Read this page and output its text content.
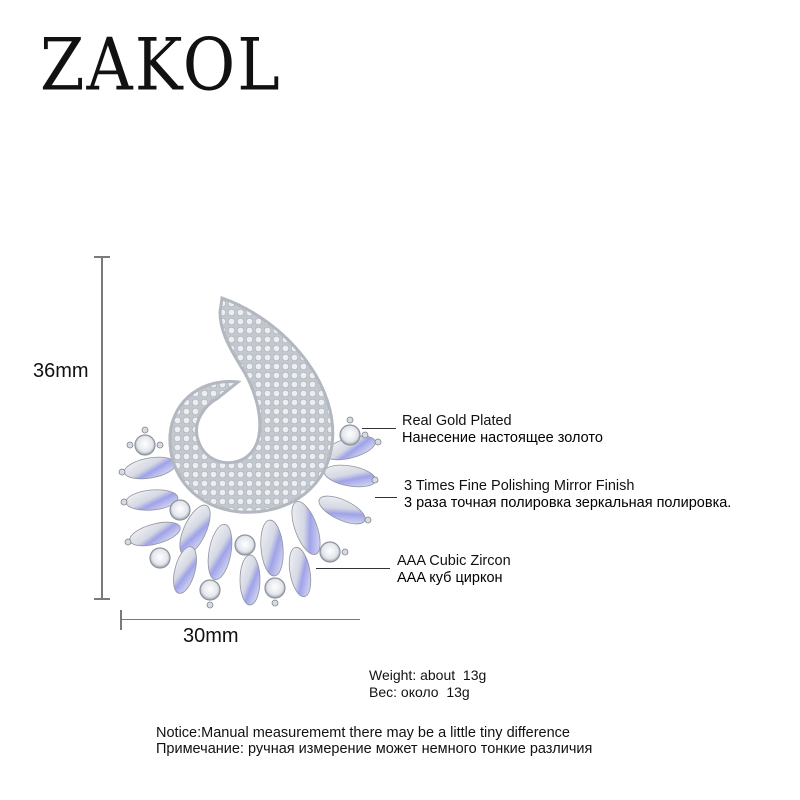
ZAKOL
36mm
30mm
Real Gold Plated
Нанесение настоящее золото
3 Times Fine Polishing Mirror Finish
3 раза точная полировка зеркальная полировка.
AAA Cubic Zircon
AAA куб циркон
Weight: about  13g
Вес: около  13g
Notice:Manual measurememt there may be a little tiny difference
Примечание: ручная измерение может немного тонкие различия
